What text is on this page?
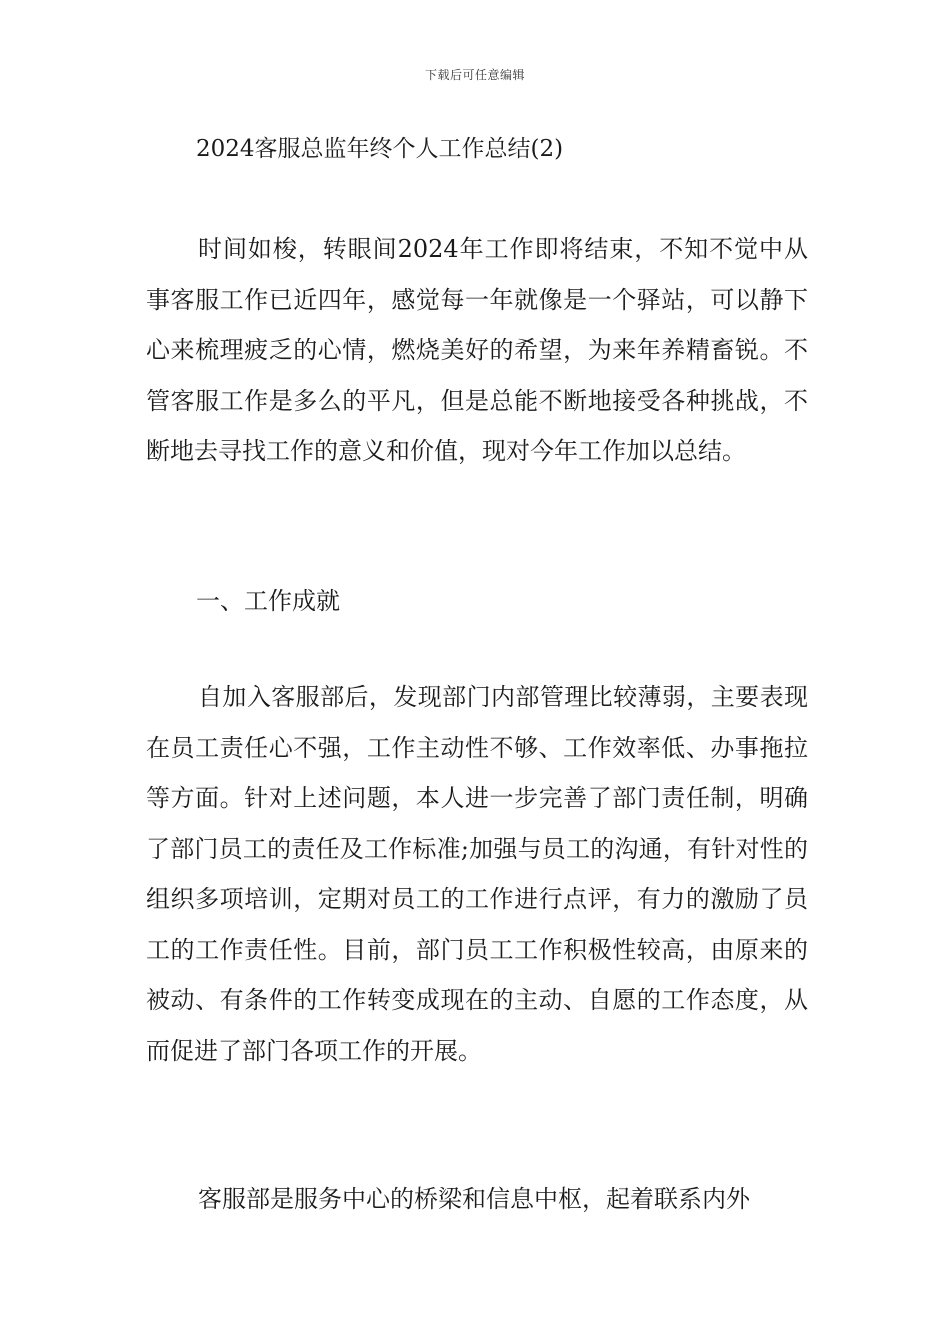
下载后可任意编辑
2024客服总监年终个人工作总结(2)

时间如梭，转眼间2024年工作即将结束，不知不觉中从事客服工作已近四年，感觉每一年就像是一个驿站，可以静下心来梳理疲乏的心情，燃烧美好的希望，为来年养精畜锐。不管客服工作是多么的平凡，但是总能不断地接受各种挑战，不断地去寻找工作的意义和价值，现对今年工作加以总结。

一、工作成就

自加入客服部后，发现部门内部管理比较薄弱，主要表现在员工责任心不强，工作主动性不够、工作效率低、办事拖拉等方面。针对上述问题，本人进一步完善了部门责任制，明确了部门员工的责任及工作标准;加强与员工的沟通，有针对性的组织多项培训，定期对员工的工作进行点评，有力的激励了员工的工作责任性。目前，部门员工工作积极性较高，由原来的被动、有条件的工作转变成现在的主动、自愿的工作态度，从而促进了部门各项工作的开展。

客服部是服务中心的桥梁和信息中枢，起着联系内外
